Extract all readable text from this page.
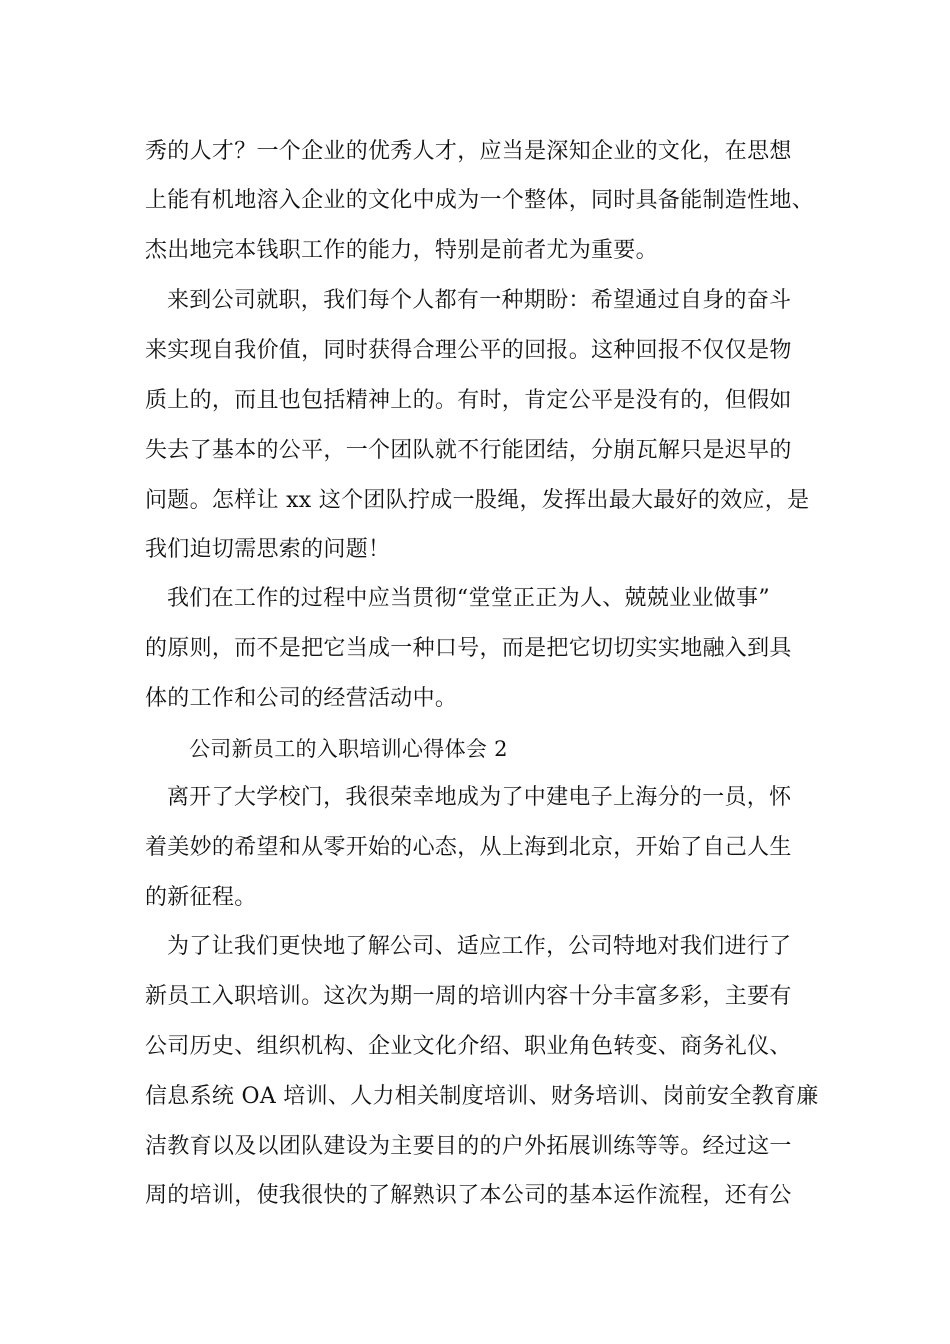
秀的人才？一个企业的优秀人才，应当是深知企业的文化，在思想
上能有机地溶入企业的文化中成为一个整体，同时具备能制造性地、
杰出地完本钱职工作的能力，特别是前者尤为重要。
来到公司就职，我们每个人都有一种期盼：希望通过自身的奋斗
来实现自我价值，同时获得合理公平的回报。这种回报不仅仅是物
质上的，而且也包括精神上的。有时，肯定公平是没有的，但假如
失去了基本的公平，一个团队就不行能团结，分崩瓦解只是迟早的
问题。怎样让 xx 这个团队拧成一股绳，发挥出最大最好的效应，是
我们迫切需思索的问题！
我们在工作的过程中应当贯彻“堂堂正正为人、兢兢业业做事”
的原则，而不是把它当成一种口号，而是把它切切实实地融入到具
体的工作和公司的经营活动中。
公司新员工的入职培训心得体会 2
离开了大学校门，我很荣幸地成为了中建电子上海分的一员，怀
着美妙的希望和从零开始的心态，从上海到北京，开始了自己人生
的新征程。
为了让我们更快地了解公司、适应工作，公司特地对我们进行了
新员工入职培训。这次为期一周的培训内容十分丰富多彩，主要有
公司历史、组织机构、企业文化介绍、职业角色转变、商务礼仪、
信息系统 OA 培训、人力相关制度培训、财务培训、岗前安全教育廉
洁教育以及以团队建设为主要目的的户外拓展训练等等。经过这一
周的培训，使我很快的了解熟识了本公司的基本运作流程，还有公
